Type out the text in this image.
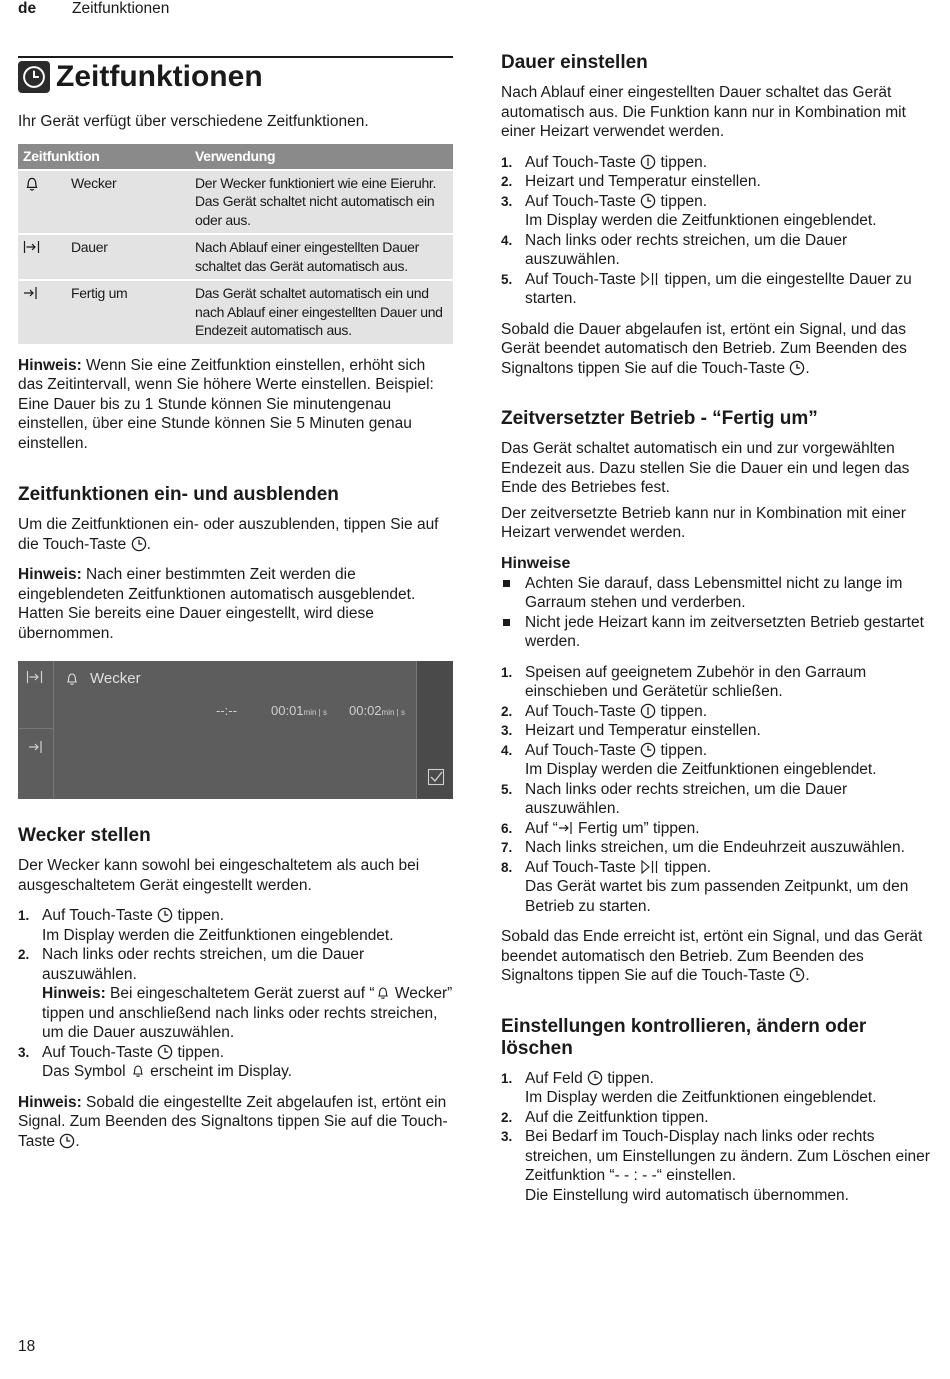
de Zeitfunktionen
Zeitfunktionen

Ihr Gerät verfügt über verschiedene Zeitfunktionen.

Zeitfunktion	Verwendung

Wecker	Der Wecker funktioniert wie eine Eieruhr. Das Gerät schaltet nicht automatisch ein oder aus.

Dauer	Nach Ablauf einer eingestellten Dauer schaltet das Gerät automatisch aus.

Fertig um	Das Gerät schaltet automatisch ein und nach Ablauf einer eingestellten Dauer und Endezeit automatisch aus.

Hinweis: Wenn Sie eine Zeitfunktion einstellen, erhöht sich das Zeitintervall, wenn Sie höhere Werte einstellen. Beispiel: Eine Dauer bis zu 1 Stunde können Sie minutengenau einstellen, über eine Stunde können Sie 5 Minuten genau einstellen.

Zeitfunktionen ein- und ausblenden

Um die Zeitfunktionen ein- oder auszublenden, tippen Sie auf die Touch-Taste .

Hinweis: Nach einer bestimmten Zeit werden die eingeblendeten Zeitfunktionen automatisch ausgeblendet. Hatten Sie bereits eine Dauer eingestellt, wird diese übernommen.

Wecker
--:--	00:01min | s 00:02min | s
Wecker stellen

Der Wecker kann sowohl bei eingeschaltetem als auch bei ausgeschaltetem Gerät eingestellt werden.

1. Auf Touch-Taste  tippen.
Im Display werden die Zeitfunktionen eingeblendet.
2. Nach links oder rechts streichen, um die Dauer auszuwählen.
Hinweis: Bei eingeschaltetem Gerät zuerst auf “ Wecker” tippen und anschließend nach links oder rechts streichen, um die Dauer auszuwählen.
3. Auf Touch-Taste  tippen.
Das Symbol  erscheint im Display.

Hinweis: Sobald die eingestellte Zeit abgelaufen ist, ertönt ein Signal. Zum Beenden des Signaltons tippen Sie auf die Touch-Taste .

Dauer einstellen

Nach Ablauf einer eingestellten Dauer schaltet das Gerät automatisch aus. Die Funktion kann nur in Kombination mit einer Heizart verwendet werden.

1. Auf Touch-Taste  tippen.
2. Heizart und Temperatur einstellen.
3. Auf Touch-Taste  tippen.
Im Display werden die Zeitfunktionen eingeblendet.
4. Nach links oder rechts streichen, um die Dauer auszuwählen.
5. Auf Touch-Taste  tippen, um die eingestellte Dauer zu starten.

Sobald die Dauer abgelaufen ist, ertönt ein Signal, und das Gerät beendet automatisch den Betrieb. Zum Beenden des Signaltons tippen Sie auf die Touch-Taste .

Zeitversetzter Betrieb - “Fertig um”

Das Gerät schaltet automatisch ein und zur vorgewählten Endezeit aus. Dazu stellen Sie die Dauer ein und legen das Ende des Betriebes fest.

Der zeitversetzte Betrieb kann nur in Kombination mit einer Heizart verwendet werden.

Hinweise
Achten Sie darauf, dass Lebensmittel nicht zu lange im Garraum stehen und verderben.
Nicht jede Heizart kann im zeitversetzten Betrieb gestartet werden.
1. Speisen auf geeignetem Zubehör in den Garraum einschieben und Gerätetür schließen.
2. Auf Touch-Taste  tippen.
3. Heizart und Temperatur einstellen.
4. Auf Touch-Taste  tippen.
Im Display werden die Zeitfunktionen eingeblendet.
5. Nach links oder rechts streichen, um die Dauer auszuwählen.
6. Auf “ Fertig um” tippen.
7. Nach links streichen, um die Endeuhrzeit auszuwählen.
8. Auf Touch-Taste  tippen.
Das Gerät wartet bis zum passenden Zeitpunkt, um den Betrieb zu starten.

Sobald das Ende erreicht ist, ertönt ein Signal, und das Gerät beendet automatisch den Betrieb. Zum Beenden des Signaltons tippen Sie auf die Touch-Taste .

Einstellungen kontrollieren, ändern oder löschen
1. Auf Feld  tippen.
Im Display werden die Zeitfunktionen eingeblendet.
2. Auf die Zeitfunktion tippen.
3. Bei Bedarf im Touch-Display nach links oder rechts streichen, um Einstellungen zu ändern. Zum Löschen einer Zeitfunktion “- - : - -“ einstellen.
Die Einstellung wird automatisch übernommen.
18
